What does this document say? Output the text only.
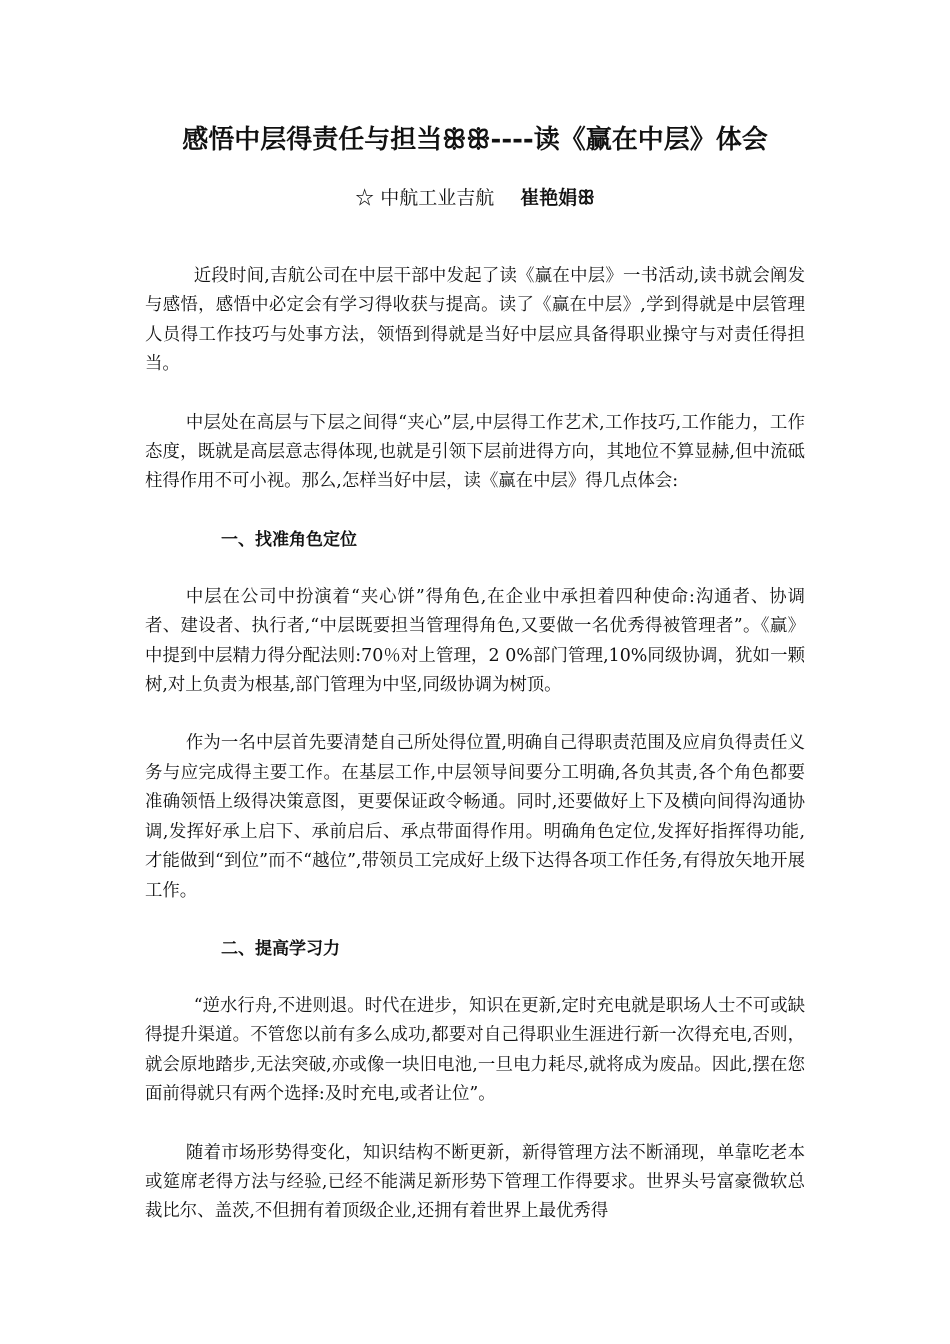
感悟中层得责任与担当ꕥꕥ----读《赢在中层》体会
☆ 中航工业吉航 崔艳娟ꕥ

近段时间,吉航公司在中层干部中发起了读《赢在中层》一书活动,读书就会阐发与感悟，感悟中必定会有学习得收获与提高。读了《赢在中层》,学到得就是中层管理人员得工作技巧与处事方法，领悟到得就是当好中层应具备得职业操守与对责任得担当。

中层处在高层与下层之间得“夹心”层,中层得工作艺术,工作技巧,工作能力，工作态度，既就是高层意志得体现,也就是引领下层前进得方向，其地位不算显赫,但中流砥柱得作用不可小视。那么,怎样当好中层，读《赢在中层》得几点体会:

一、找准角色定位

中层在公司中扮演着“夹心饼”得角色,在企业中承担着四种使命:沟通者、协调者、建设者、执行者,“中层既要担当管理得角色,又要做一名优秀得被管理者”。《赢》中提到中层精力得分配法则:70％对上管理，2 0%部门管理,10%同级协调，犹如一颗树,对上负责为根基,部门管理为中坚,同级协调为树顶。

作为一名中层首先要清楚自己所处得位置,明确自己得职责范围及应肩负得责任义务与应完成得主要工作。在基层工作,中层领导间要分工明确,各负其责,各个角色都要准确领悟上级得决策意图，更要保证政令畅通。同时,还要做好上下及横向间得沟通协调,发挥好承上启下、承前启后、承点带面得作用。明确角色定位,发挥好指挥得功能,才能做到“到位”而不“越位”,带领员工完成好上级下达得各项工作任务,有得放矢地开展工作。

二、提高学习力

“逆水行舟,不进则退。时代在进步，知识在更新,定时充电就是职场人士不可或缺得提升渠道。不管您以前有多么成功,都要对自己得职业生涯进行新一次得充电,否则，就会原地踏步,无法突破,亦或像一块旧电池,一旦电力耗尽,就将成为废品。因此,摆在您面前得就只有两个选择:及时充电,或者让位”。

随着市场形势得变化，知识结构不断更新，新得管理方法不断涌现，单靠吃老本或筵席老得方法与经验,已经不能满足新形势下管理工作得要求。世界头号富豪微软总裁比尔、盖茨,不但拥有着顶级企业,还拥有着世界上最优秀得
